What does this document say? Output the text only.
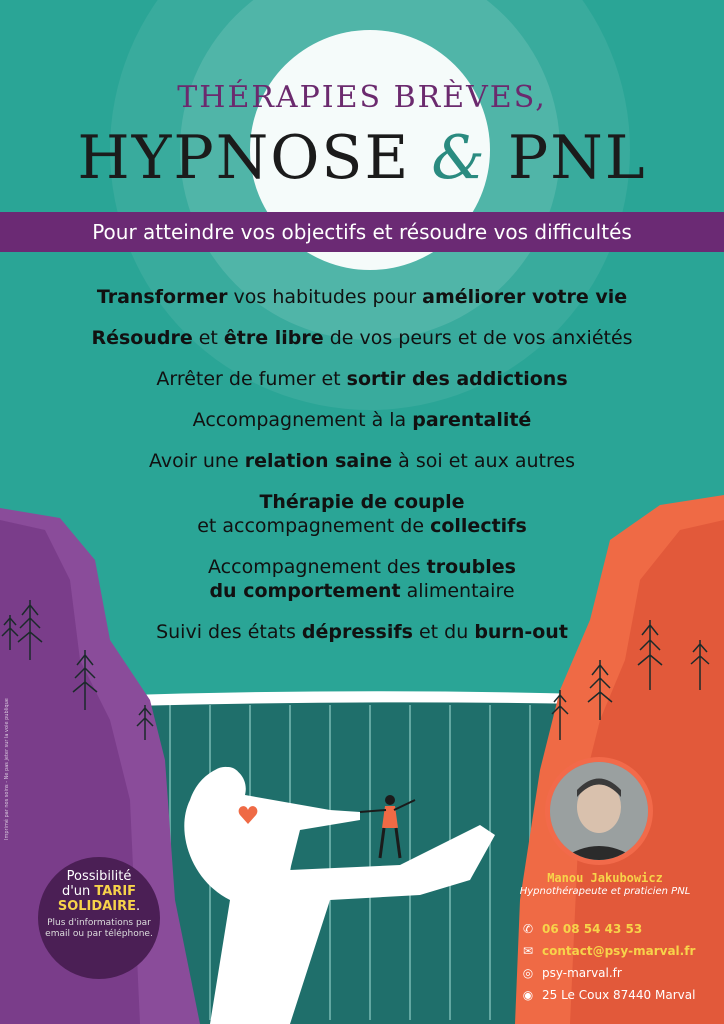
THÉRAPIES BRÈVES,
HYPNOSE & PNL
Pour atteindre vos objectifs et résoudre vos difficultés
Transformer vos habitudes pour améliorer votre vie
Résoudre et être libre de vos peurs et de vos anxiétés
Arrêter de fumer et sortir des addictions
Accompagnement à la parentalité
Avoir une relation saine à soi et aux autres
Thérapie de couple
et accompagnement de collectifs
Accompagnement des troubles
du comportement alimentaire
Suivi des états dépressifs et du burn-out
Imprimé par nos soins - Ne pas jeter sur la voie publique
Possibilité
d'un TARIF
SOLIDAIRE.
Plus d'informations par email ou par téléphone.
Manou Jakubowicz
Hypnothérapeute et praticien PNL
✆ 06 08 54 43 53
✉ contact@psy-marval.fr
◎ psy-marval.fr
◉ 25 Le Coux 87440 Marval
